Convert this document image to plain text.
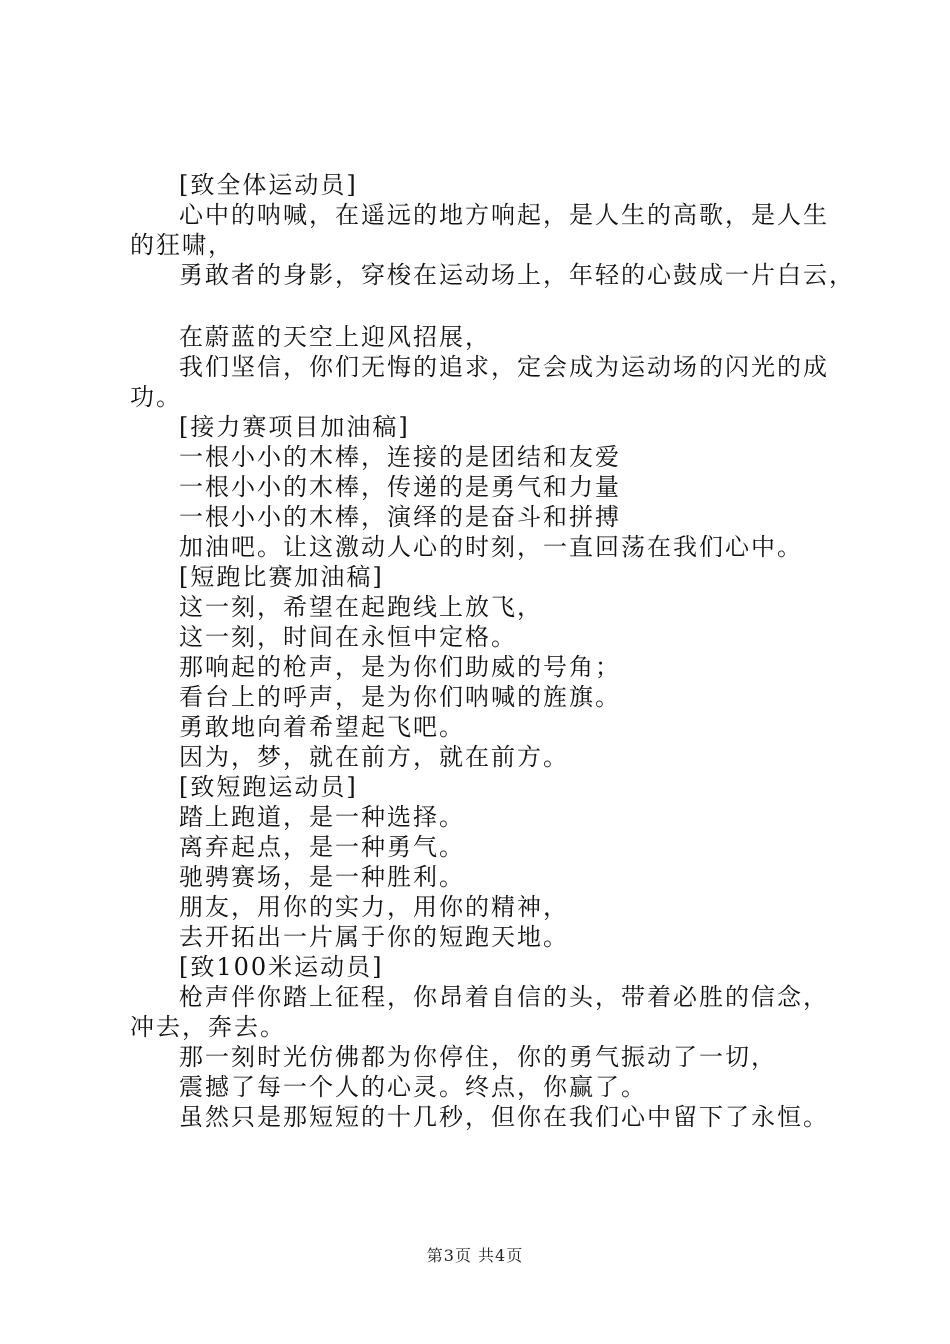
[致全体运动员]
心中的呐喊，在遥远的地方响起，是人生的高歌，是人生的狂啸，
勇敢者的身影，穿梭在运动场上，年轻的心鼓成一片白云，
在蔚蓝的天空上迎风招展，
我们坚信，你们无悔的追求，定会成为运动场的闪光的成功。
[接力赛项目加油稿]
一根小小的木棒，连接的是团结和友爱
一根小小的木棒，传递的是勇气和力量
一根小小的木棒，演绎的是奋斗和拼搏
加油吧。让这激动人心的时刻，一直回荡在我们心中。
[短跑比赛加油稿]
这一刻，希望在起跑线上放飞，
这一刻，时间在永恒中定格。
那响起的枪声，是为你们助威的号角；
看台上的呼声，是为你们呐喊的旌旗。
勇敢地向着希望起飞吧。
因为，梦，就在前方，就在前方。
[致短跑运动员]
踏上跑道，是一种选择。
离弃起点，是一种勇气。
驰骋赛场，是一种胜利。
朋友，用你的实力，用你的精神，
去开拓出一片属于你的短跑天地。
[致100米运动员]
枪声伴你踏上征程，你昂着自信的头，带着必胜的信念，冲去，奔去。
那一刻时光仿佛都为你停住，你的勇气振动了一切，
震撼了每一个人的心灵。终点，你赢了。
虽然只是那短短的十几秒，但你在我们心中留下了永恒。
第3页 共4页
